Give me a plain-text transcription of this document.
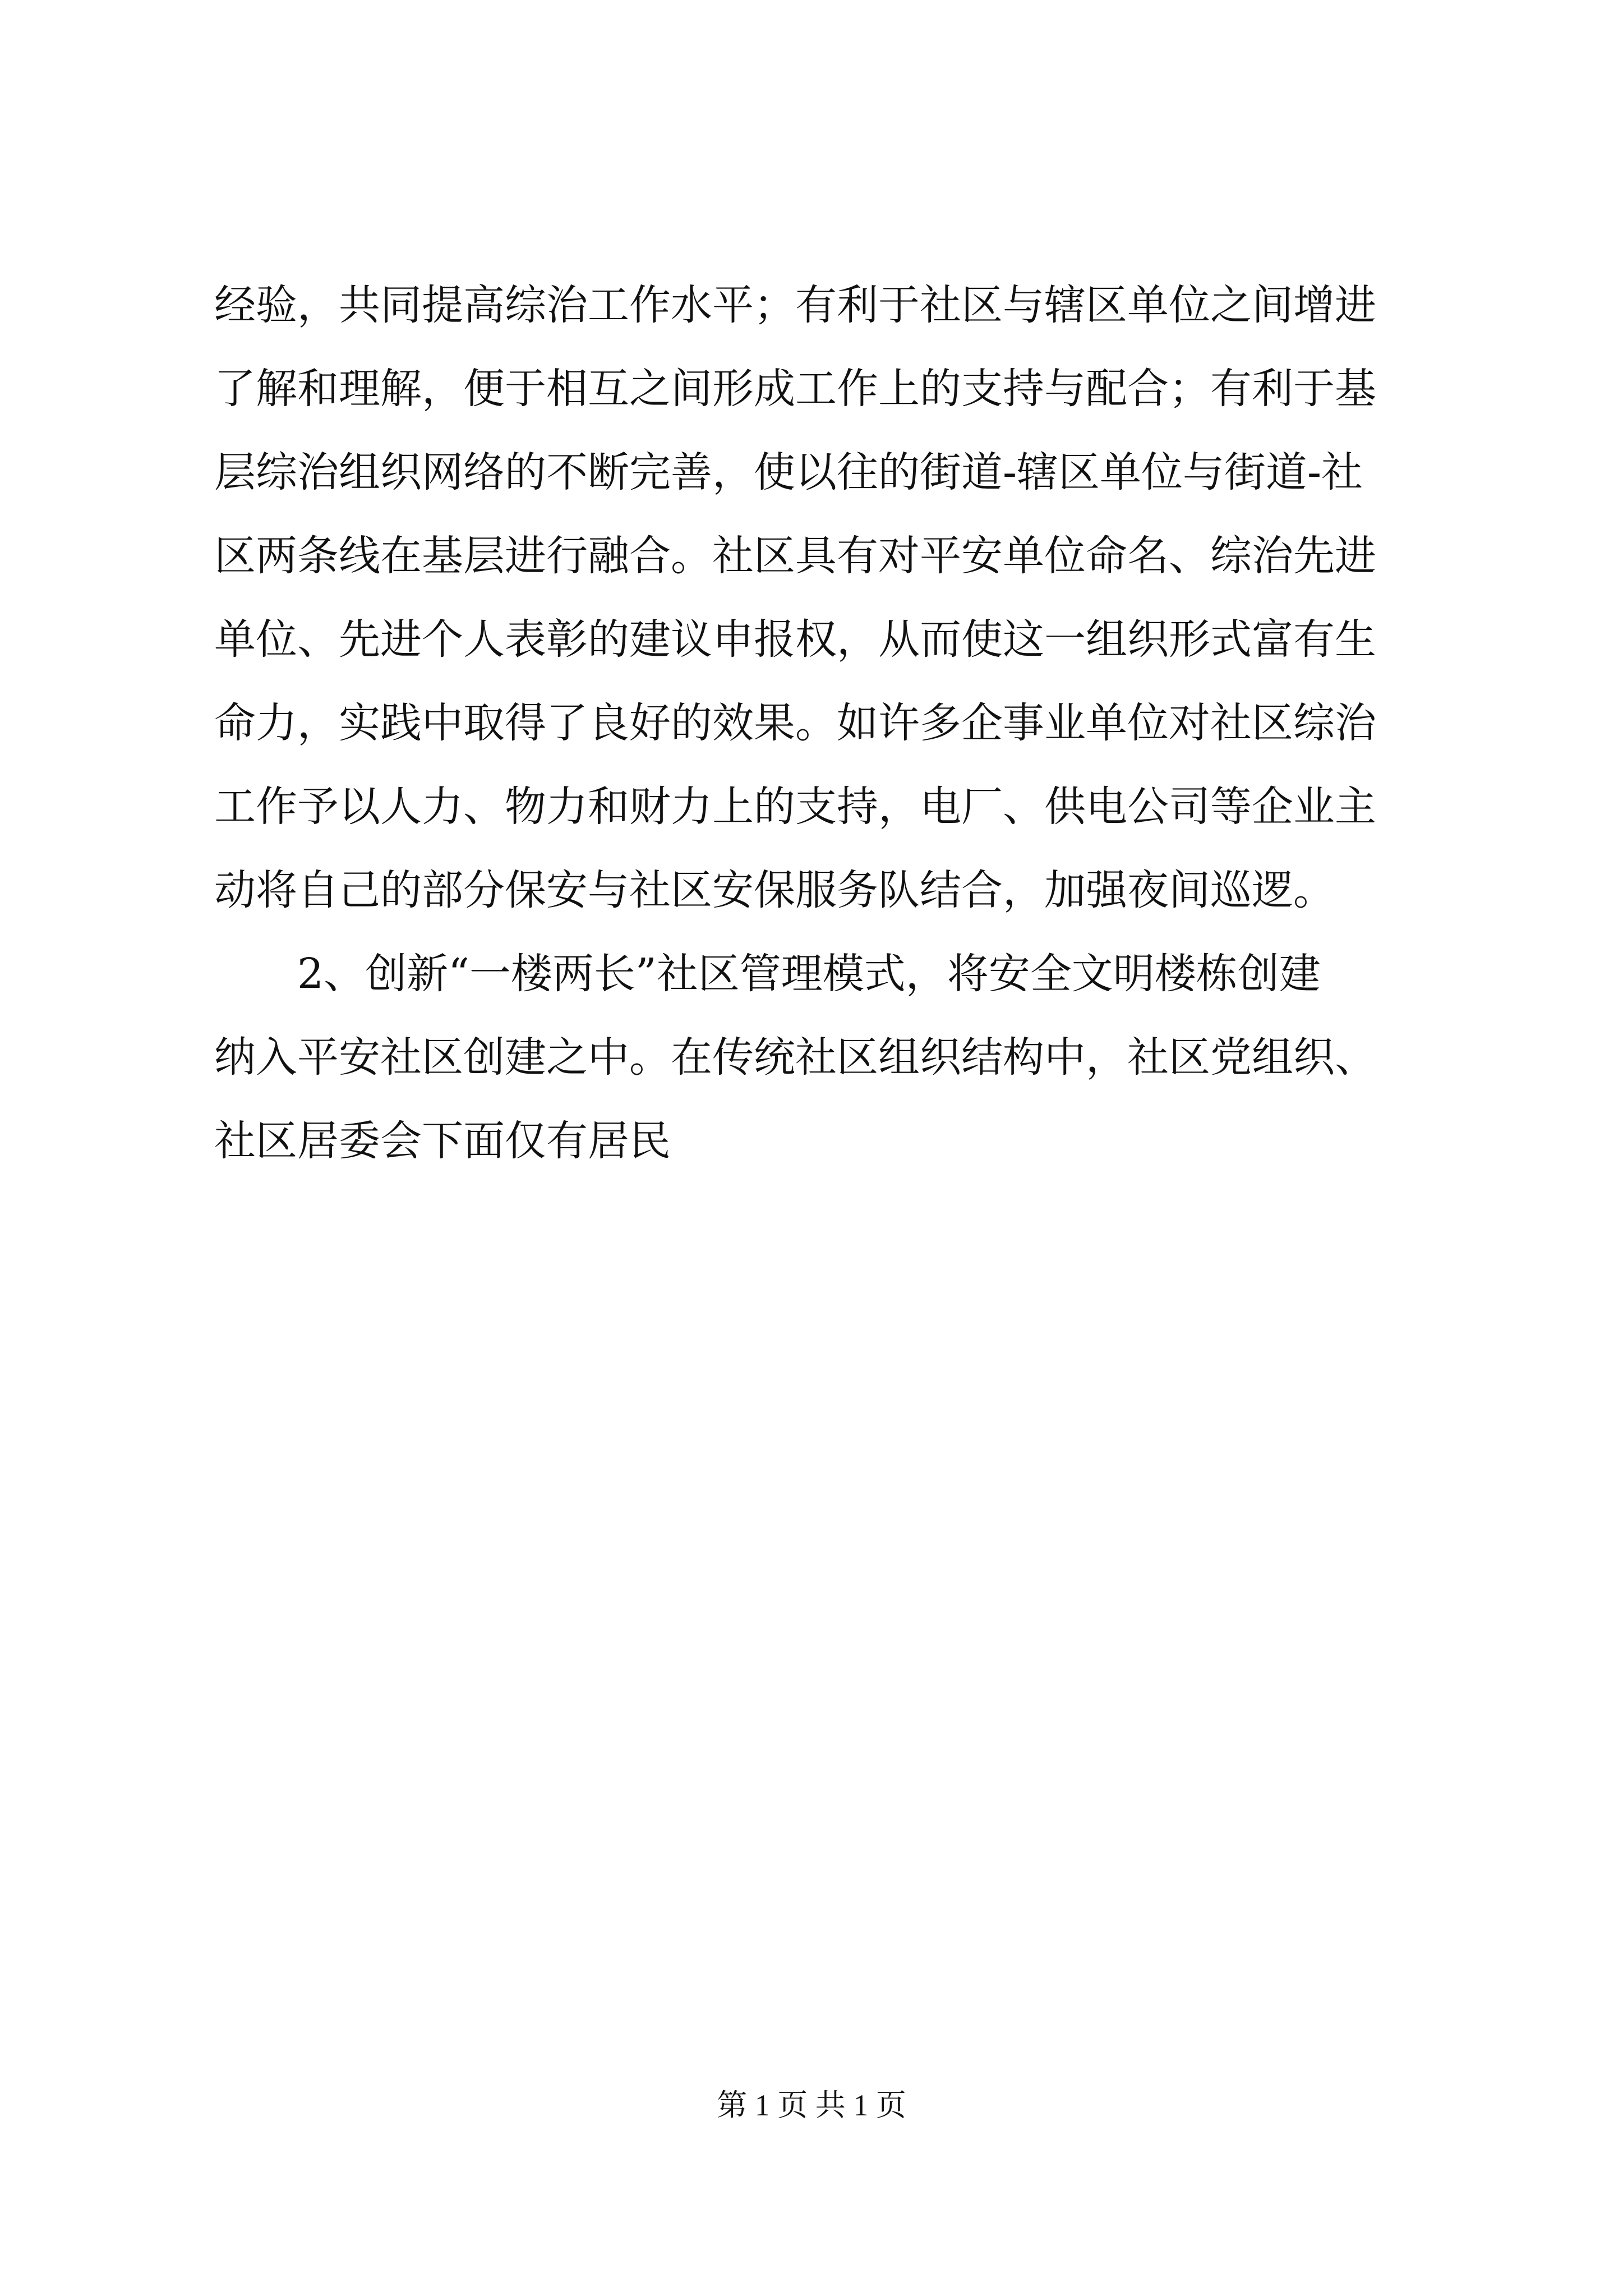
经验，共同提高综治工作水平；有利于社区与辖区单位之间增进
了解和理解，便于相互之间形成工作上的支持与配合；有利于基
层综治组织网络的不断完善，使以往的街道-辖区单位与街道-社
区两条线在基层进行融合。社区具有对平安单位命名、综治先进
单位、先进个人表彰的建议申报权，从而使这一组织形式富有生
命力，实践中取得了良好的效果。如许多企事业单位对社区综治
工作予以人力、物力和财力上的支持，电厂、供电公司等企业主
动将自己的部分保安与社区安保服务队结合，加强夜间巡逻。
2、创新“一楼两长”社区管理模式，将安全文明楼栋创建
纳入平安社区创建之中。在传统社区组织结构中，社区党组织、
社区居委会下面仅有居民
第 1 页 共 1 页
